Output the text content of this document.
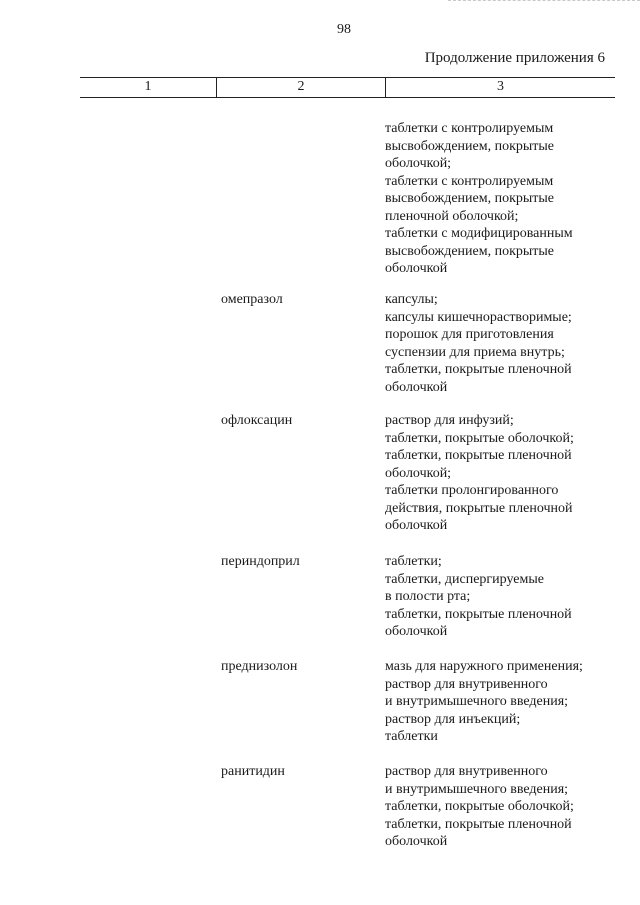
98
Продолжение приложения 6
1	2	3
таблетки с контролируемым
высвобождением, покрытые
оболочкой;
таблетки с контролируемым
высвобождением, покрытые
пленочной оболочкой;
таблетки с модифицированным
высвобождением, покрытые
оболочкой
омепразол	капсулы;
капсулы кишечнорастворимые;
порошок для приготовления
суспензии для приема внутрь;
таблетки, покрытые пленочной
оболочкой
офлоксацин	раствор для инфузий;
таблетки, покрытые оболочкой;
таблетки, покрытые пленочной
оболочкой;
таблетки пролонгированного
действия, покрытые пленочной
оболочкой
периндоприл	таблетки;
таблетки, диспергируемые
в полости рта;
таблетки, покрытые пленочной
оболочкой
преднизолон	мазь для наружного применения;
раствор для внутривенного
и внутримышечного введения;
раствор для инъекций;
таблетки
ранитидин	раствор для внутривенного
и внутримышечного введения;
таблетки, покрытые оболочкой;
таблетки, покрытые пленочной
оболочкой
